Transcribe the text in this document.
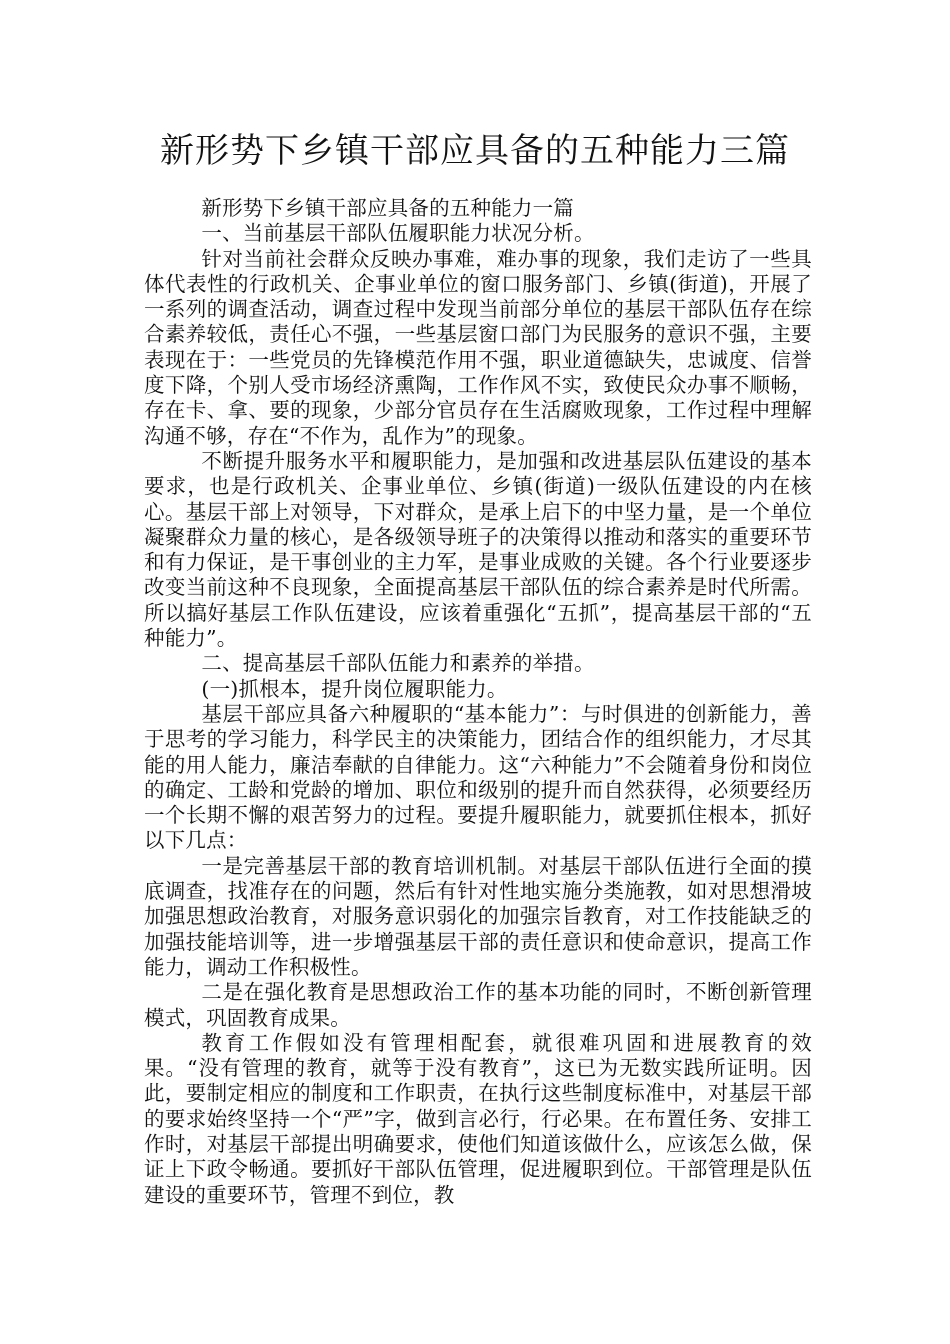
新形势下乡镇干部应具备的五种能力三篇

新形势下乡镇干部应具备的五种能力一篇

一、当前基层干部队伍履职能力状况分析。

针对当前社会群众反映办事难，难办事的现象，我们走访了一些具体代表性的行政机关、企事业单位的窗口服务部门、乡镇(街道)，开展了一系列的调查活动，调查过程中发现当前部分单位的基层干部队伍存在综合素养较低，责任心不强，一些基层窗口部门为民服务的意识不强，主要表现在于：一些党员的先锋模范作用不强，职业道德缺失，忠诚度、信誉度下降，个别人受市场经济熏陶，工作作风不实，致使民众办事不顺畅，存在卡、拿、要的现象，少部分官员存在生活腐败现象，工作过程中理解沟通不够，存在“不作为，乱作为”的现象。

不断提升服务水平和履职能力，是加强和改进基层队伍建设的基本要求，也是行政机关、企事业单位、乡镇(街道)一级队伍建设的内在核心。基层干部上对领导，下对群众，是承上启下的中坚力量，是一个单位凝聚群众力量的核心，是各级领导班子的决策得以推动和落实的重要环节和有力保证，是干事创业的主力军，是事业成败的关键。各个行业要逐步改变当前这种不良现象，全面提高基层干部队伍的综合素养是时代所需。所以搞好基层工作队伍建设，应该着重强化“五抓”，提高基层干部的“五种能力”。

二、提高基层千部队伍能力和素养的举措。

(一)抓根本，提升岗位履职能力。

基层干部应具备六种履职的“基本能力”：与时俱进的创新能力，善于思考的学习能力，科学民主的决策能力，团结合作的组织能力，才尽其能的用人能力，廉洁奉献的自律能力。这“六种能力”不会随着身份和岗位的确定、工龄和党龄的增加、职位和级别的提升而自然获得，必须要经历一个长期不懈的艰苦努力的过程。要提升履职能力，就要抓住根本，抓好以下几点：

一是完善基层干部的教育培训机制。对基层干部队伍进行全面的摸底调查，找准存在的问题，然后有针对性地实施分类施教，如对思想滑坡加强思想政治教育，对服务意识弱化的加强宗旨教育，对工作技能缺乏的加强技能培训等，进一步增强基层干部的责任意识和使命意识，提高工作能力，调动工作积极性。

二是在强化教育是思想政治工作的基本功能的同时，不断创新管理模式，巩固教育成果。

教育工作假如没有管理相配套，就很难巩固和进展教育的效果。“没有管理的教育，就等于没有教育”，这已为无数实践所证明。因此，要制定相应的制度和工作职责，在执行这些制度标准中，对基层干部的要求始终坚持一个“严”字，做到言必行，行必果。在布置任务、安排工作时，对基层干部提出明确要求，使他们知道该做什么，应该怎么做，保证上下政令畅通。要抓好干部队伍管理，促进履职到位。干部管理是队伍建设的重要环节，管理不到位，教
